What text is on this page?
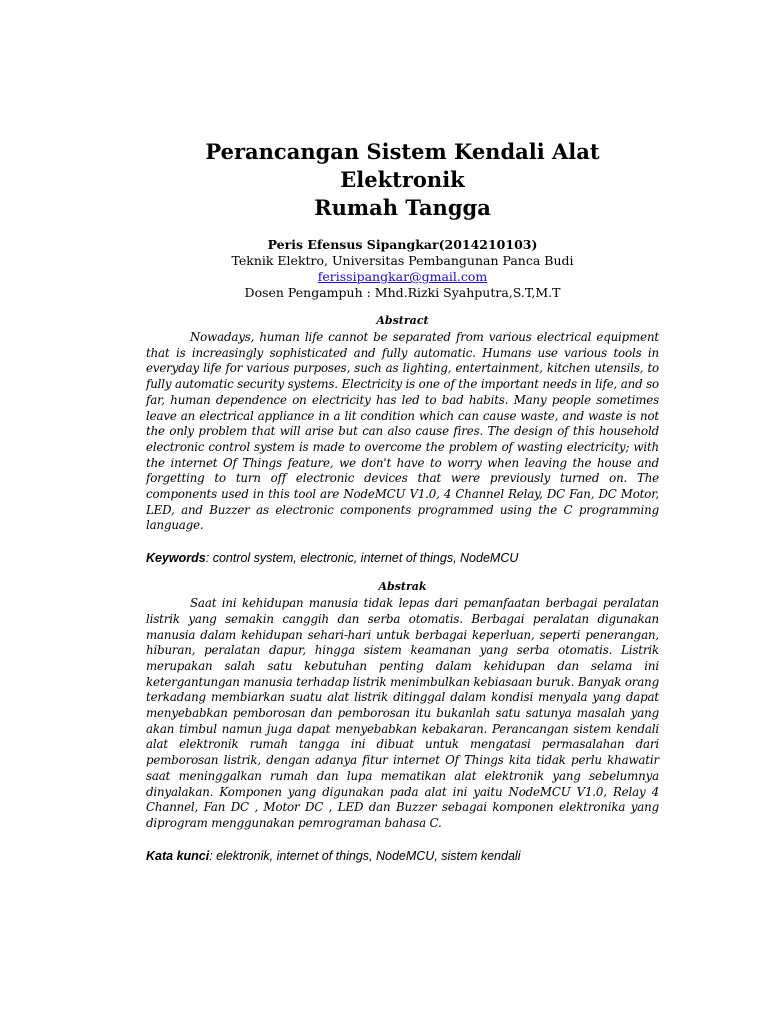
Perancangan Sistem Kendali Alat Elektronik
Rumah Tangga
Peris Efensus Sipangkar(2014210103)
Teknik Elektro, Universitas Pembangunan Panca Budi
ferissipangkar@gmail.com
Dosen Pengampuh : Mhd.Rizki Syahputra,S.T,M.T
Abstract

Nowadays, human life cannot be separated from various electrical equipment that is increasingly sophisticated and fully automatic. Humans use various tools in everyday life for various purposes, such as lighting, entertainment, kitchen utensils, to fully automatic security systems. Electricity is one of the important needs in life, and so far, human dependence on electricity has led to bad habits. Many people sometimes leave an electrical appliance in a lit condition which can cause waste, and waste is not the only problem that will arise but can also cause fires. The design of this household electronic control system is made to overcome the problem of wasting electricity; with the internet Of Things feature, we don't have to worry when leaving the house and forgetting to turn off electronic devices that were previously turned on. The components used in this tool are NodeMCU V1.0, 4 Channel Relay, DC Fan, DC Motor, LED, and Buzzer as electronic components programmed using the C programming language.

Keywords: control system, electronic, internet of things, NodeMCU
Abstrak

Saat ini kehidupan manusia tidak lepas dari pemanfaatan berbagai peralatan listrik yang semakin canggih dan serba otomatis. Berbagai peralatan digunakan manusia dalam kehidupan sehari-hari untuk berbagai keperluan, seperti penerangan, hiburan, peralatan dapur, hingga sistem keamanan yang serba otomatis. Listrik merupakan salah satu kebutuhan penting dalam kehidupan dan selama ini ketergantungan manusia terhadap listrik menimbulkan kebiasaan buruk. Banyak orang terkadang membiarkan suatu alat listrik ditinggal dalam kondisi menyala yang dapat menyebabkan pemborosan dan pemborosan itu bukanlah satu satunya masalah yang akan timbul namun juga dapat menyebabkan kebakaran. Perancangan sistem kendali alat elektronik rumah tangga ini dibuat untuk mengatasi permasalahan dari pemborosan listrik, dengan adanya fitur internet Of Things kita tidak perlu khawatir saat meninggalkan rumah dan lupa mematikan alat elektronik yang sebelumnya dinyalakan. Komponen yang digunakan pada alat ini yaitu NodeMCU V1.0, Relay 4 Channel, Fan DC , Motor DC , LED dan Buzzer sebagai komponen elektronika yang diprogram menggunakan pemrograman bahasa C.

Kata kunci: elektronik, internet of things, NodeMCU, sistem kendali
